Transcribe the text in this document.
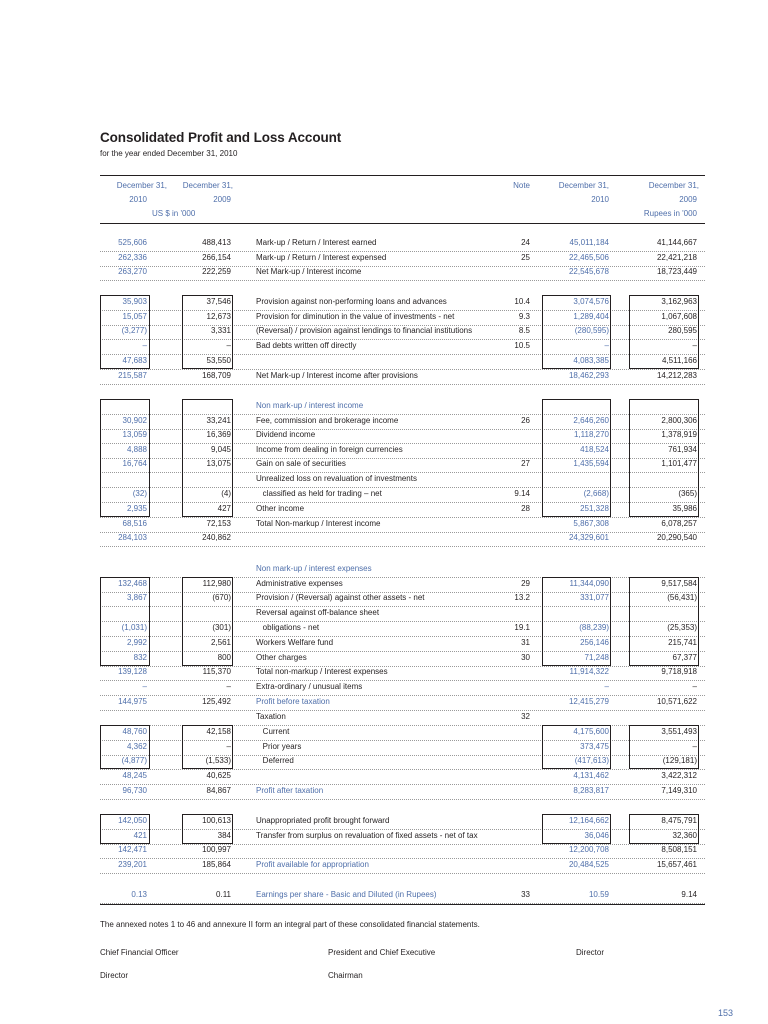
Consolidated Profit and Loss Account
for the year ended December 31, 2010
December 31,	December 31,	Note	December 31,	December 31,
2010	2009	2010	2009
US $ in '000	Rupees in '000
525,606	488,413	Mark-up / Return / Interest earned	24	45,011,184	41,144,667
262,336	266,154	Mark-up / Return / Interest expensed	25	22,465,506	22,421,218
263,270	222,259	Net Mark-up / Interest income	22,545,678	18,723,449
35,903	37,546	Provision against non-performing loans and advances	10.4	3,074,576	3,162,963
15,057	12,673	Provision for diminution in the value of investments - net	9.3	1,289,404	1,067,608
(3,277)	3,331	(Reversal) / provision against lendings to financial institutions	8.5	(280,595)	280,595
–	–	Bad debts written off directly	10.5	–	–
47,683	53,550	4,083,385	4,511,166
215,587	168,709	Net Mark-up / Interest income after provisions	18,462,293	14,212,283
Non mark-up / interest income
30,902	33,241	Fee, commission and brokerage income	26	2,646,260	2,800,306
13,059	16,369	Dividend income	1,118,270	1,378,919
4,888	9,045	Income from dealing in foreign currencies	418,524	761,934
16,764	13,075	Gain on sale of securities	27	1,435,594	1,101,477
Unrealized loss on revaluation of investments
(32)	(4)	classified as held for trading – net	9.14	(2,668)	(365)
2,935	427	Other income	28	251,328	35,986
68,516	72,153	Total Non-markup / Interest income	5,867,308	6,078,257
284,103	240,862	24,329,601	20,290,540
Non mark-up / interest expenses
132,468	112,980	Administrative expenses	29	11,344,090	9,517,584
3,867	(670)	Provision / (Reversal) against other assets - net	13.2	331,077	(56,431)
Reversal against off-balance sheet
(1,031)	(301)	obligations - net	19.1	(88,239)	(25,353)
2,992	2,561	Workers Welfare fund	31	256,146	215,741
832	800	Other charges	30	71,248	67,377
139,128	115,370	Total non-markup / Interest expenses	11,914,322	9,718,918
–	–	Extra-ordinary / unusual items	–	–
144,975	125,492	Profit before taxation	12,415,279	10,571,622
Taxation	32
48,760	42,158	Current	4,175,600	3,551,493
4,362	–	Prior years	373,475	–
(4,877)	(1,533)	Deferred	(417,613)	(129,181)
48,245	40,625	4,131,462	3,422,312
96,730	84,867	Profit after taxation	8,283,817	7,149,310
142,050	100,613	Unappropriated profit brought forward	12,164,662	8,475,791
421	384	Transfer from surplus on revaluation of fixed assets - net of tax	36,046	32,360
142,471	100,997	12,200,708	8,508,151
239,201	185,864	Profit available for appropriation	20,484,525	15,657,461
0.13	0.11	Earnings per share - Basic and Diluted (in Rupees)	33	10.59	9.14
The annexed notes 1 to 46 and annexure II form an integral part of these consolidated financial statements.
Chief Financial Officer	President and Chief Executive	Director
Director	Chairman
153
